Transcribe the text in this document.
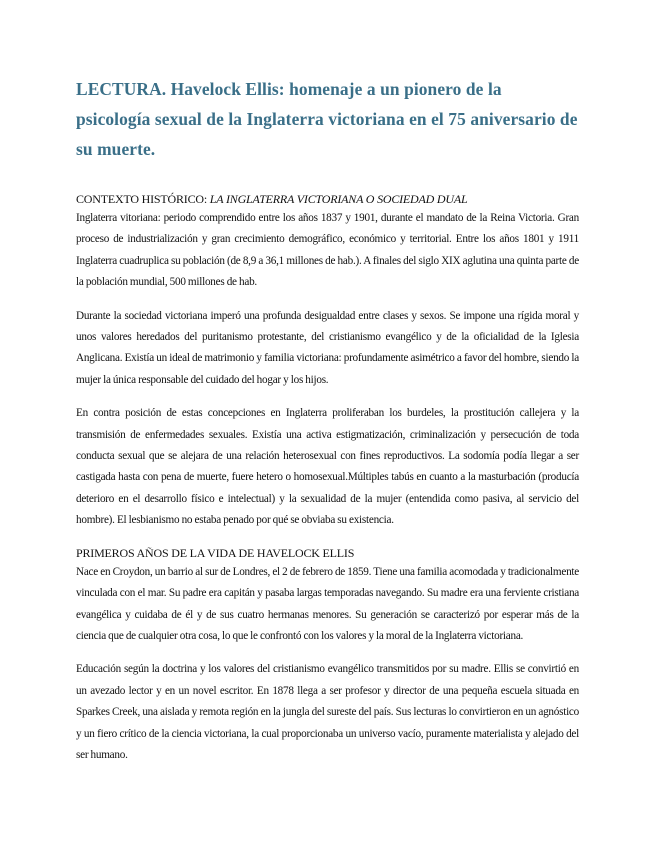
LECTURA. Havelock Ellis: homenaje a un pionero de la psicología sexual de la Inglaterra victoriana en el 75 aniversario de su muerte.
CONTEXTO HISTÓRICO: LA INGLATERRA VICTORIANA O SOCIEDAD DUAL

Inglaterra vitoriana: periodo comprendido entre los años 1837 y 1901, durante el mandato de la Reina Victoria. Gran proceso de industrialización y gran crecimiento demográfico, económico y territorial. Entre los años 1801 y 1911 Inglaterra cuadruplica su población (de 8,9 a 36,1 millones de hab.). A finales del siglo XIX aglutina una quinta parte de la población mundial, 500 millones de hab.

Durante la sociedad victoriana imperó una profunda desigualdad entre clases y sexos. Se impone una rígida moral y unos valores heredados del puritanismo protestante, del cristianismo evangélico y de la oficialidad de la Iglesia Anglicana. Existía un ideal de matrimonio y familia victoriana: profundamente asimétrico a favor del hombre, siendo la mujer la única responsable del cuidado del hogar y los hijos.

En contra posición de estas concepciones en Inglaterra proliferaban los burdeles, la prostitución callejera y la transmisión de enfermedades sexuales. Existía una activa estigmatización, criminalización y persecución de toda conducta sexual que se alejara de una relación heterosexual con fines reproductivos. La sodomía podía llegar a ser castigada hasta con pena de muerte, fuere hetero o homosexual.Múltiples tabús en cuanto a la masturbación (producía deterioro en el desarrollo físico e intelectual) y la sexualidad de la mujer (entendida como pasiva, al servicio del hombre). El lesbianismo no estaba penado por qué se obviaba su existencia.

PRIMEROS AÑOS DE LA VIDA DE HAVELOCK ELLIS

Nace en Croydon, un barrio al sur de Londres, el 2 de febrero de 1859. Tiene una familia acomodada y tradicionalmente vinculada con el mar. Su padre era capitán y pasaba largas temporadas navegando. Su madre era una ferviente cristiana evangélica y cuidaba de él y de sus cuatro hermanas menores. Su generación se caracterizó por esperar más de la ciencia que de cualquier otra cosa, lo que le confrontó con los valores y la moral de la Inglaterra victoriana.

Educación según la doctrina y los valores del cristianismo evangélico transmitidos por su madre. Ellis se convirtió en un avezado lector y en un novel escritor. En 1878 llega a ser profesor y director de una pequeña escuela situada en Sparkes Creek, una aislada y remota región en la jungla del sureste del país. Sus lecturas lo convirtieron en un agnóstico y un fiero crítico de la ciencia victoriana, la cual proporcionaba un universo vacío, puramente materialista y alejado del ser humano.
